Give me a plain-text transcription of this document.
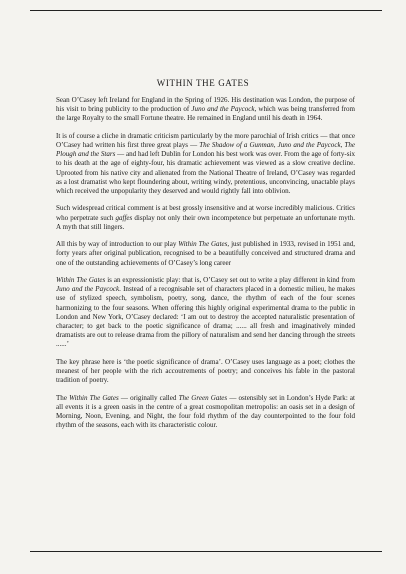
WITHIN THE GATES

Sean O’Casey left Ireland for England in the Spring of 1926. His destination was London, the purpose of his visit to bring publicity to the production of Juno and the Paycock, which was being transferred from the large Royalty to the small Fortune theatre. He remained in England until his death in 1964.

It is of course a cliche in dramatic criticism particularly by the more parochial of Irish critics — that once O’Casey had written his first three great plays — The Shadow of a Gunman, Juno and the Paycock, The Plough and the Stars — and had left Dublin for London his best work was over. From the age of forty-six to his death at the age of eighty-four, his dramatic achievement was viewed as a slow creative decline. Uprooted from his native city and alienated from the National Theatre of Ireland, O’Casey was regarded as a lost dramatist who kept floundering about, writing windy, pretentious, unconvincing, unactable plays which received the unpopularity they deserved and would rightly fall into oblivion.

Such widespread critical comment is at best grossly insensitive and at worse incredibly malicious. Critics who perpetrate such gaffes display not only their own incompetence but perpetuate an unfortunate myth. A myth that still lingers.

All this by way of introduction to our play Within The Gates, just published in 1933, revised in 1951 and, forty years after original publication, recognised to be a beautifully conceived and structured drama and one of the outstanding achievements of O’Casey’s long career

Within The Gates is an expressionistic play: that is, O’Casey set out to write a play different in kind from Juno and the Paycock. Instead of a recognisable set of characters placed in a domestic milieu, he makes use of stylized speech, symbolism, poetry, song, dance, the rhythm of each of the four scenes harmonizing to the four seasons. When offering this highly original experimental drama to the public in London and New York, O’Casey declared: ‘I am out to destroy the accepted naturalistic presentation of character; to get back to the poetic significance of drama; ...... all fresh and imaginatively minded dramatists are out to release drama from the pillory of naturalism and send her dancing through the streets ......’

The key phrase here is ‘the poetic significance of drama’. O’Casey uses language as a poet; clothes the meanest of her people with the rich accoutrements of poetry; and conceives his fable in the pastoral tradition of poetry.

The Within The Gates — originally called The Green Gates — ostensibly set in London’s Hyde Park: at all events it is a green oasis in the centre of a great cosmopolitan metropolis: an oasis set in a design of Morning, Noon, Evening, and Night, the four fold rhythm of the day counterpointed to the four fold rhythm of the seasons, each with its characteristic colour.
